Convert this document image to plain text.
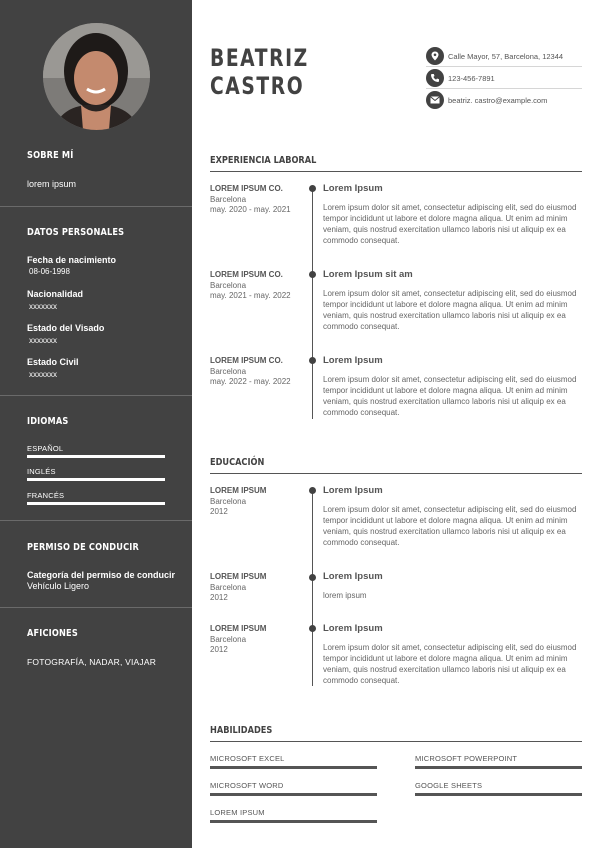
SOBRE MÍ
lorem ipsum
DATOS PERSONALES
Fecha de nacimiento
08-06-1998
Nacionalidad
xxxxxxx
Estado del Visado
xxxxxxx
Estado Civil
xxxxxxx
IDIOMAS
ESPAÑOL
INGLÉS
FRANCÉS
PERMISO DE CONDUCIR
Categoría del permiso de conducir
Vehículo Ligero
AFICIONES
FOTOGRAFÍA, NADAR, VIAJAR
BEATRIZ
CASTRO
Calle Mayor, 57, Barcelona, 12344
123-456-7891
beatriz. castro@example.com
EXPERIENCIA LABORAL
LOREM IPSUM CO.
Barcelona
may. 2020 - may. 2021
Lorem Ipsum
Lorem ipsum dolor sit amet, consectetur adipiscing elit, sed do eiusmod tempor incididunt ut labore et dolore magna aliqua. Ut enim ad minim veniam, quis nostrud exercitation ullamco laboris nisi ut aliquip ex ea commodo consequat.
LOREM IPSUM CO.
Barcelona
may. 2021 - may. 2022
Lorem Ipsum sit am
Lorem ipsum dolor sit amet, consectetur adipiscing elit, sed do eiusmod tempor incididunt ut labore et dolore magna aliqua. Ut enim ad minim veniam, quis nostrud exercitation ullamco laboris nisi ut aliquip ex ea commodo consequat.
LOREM IPSUM CO.
Barcelona
may. 2022 - may. 2022
Lorem Ipsum
Lorem ipsum dolor sit amet, consectetur adipiscing elit, sed do eiusmod tempor incididunt ut labore et dolore magna aliqua. Ut enim ad minim veniam, quis nostrud exercitation ullamco laboris nisi ut aliquip ex ea commodo consequat.
EDUCACIÓN
LOREM IPSUM
Barcelona
2012
Lorem Ipsum
Lorem ipsum dolor sit amet, consectetur adipiscing elit, sed do eiusmod tempor incididunt ut labore et dolore magna aliqua. Ut enim ad minim veniam, quis nostrud exercitation ullamco laboris nisi ut aliquip ex ea commodo consequat.
LOREM IPSUM
Barcelona
2012
Lorem Ipsum
lorem ipsum
LOREM IPSUM
Barcelona
2012
Lorem Ipsum
Lorem ipsum dolor sit amet, consectetur adipiscing elit, sed do eiusmod tempor incididunt ut labore et dolore magna aliqua. Ut enim ad minim veniam, quis nostrud exercitation ullamco laboris nisi ut aliquip ex ea commodo consequat.
HABILIDADES
MICROSOFT EXCEL	MICROSOFT POWERPOINT
MICROSOFT WORD	GOOGLE SHEETS
LOREM IPSUM
